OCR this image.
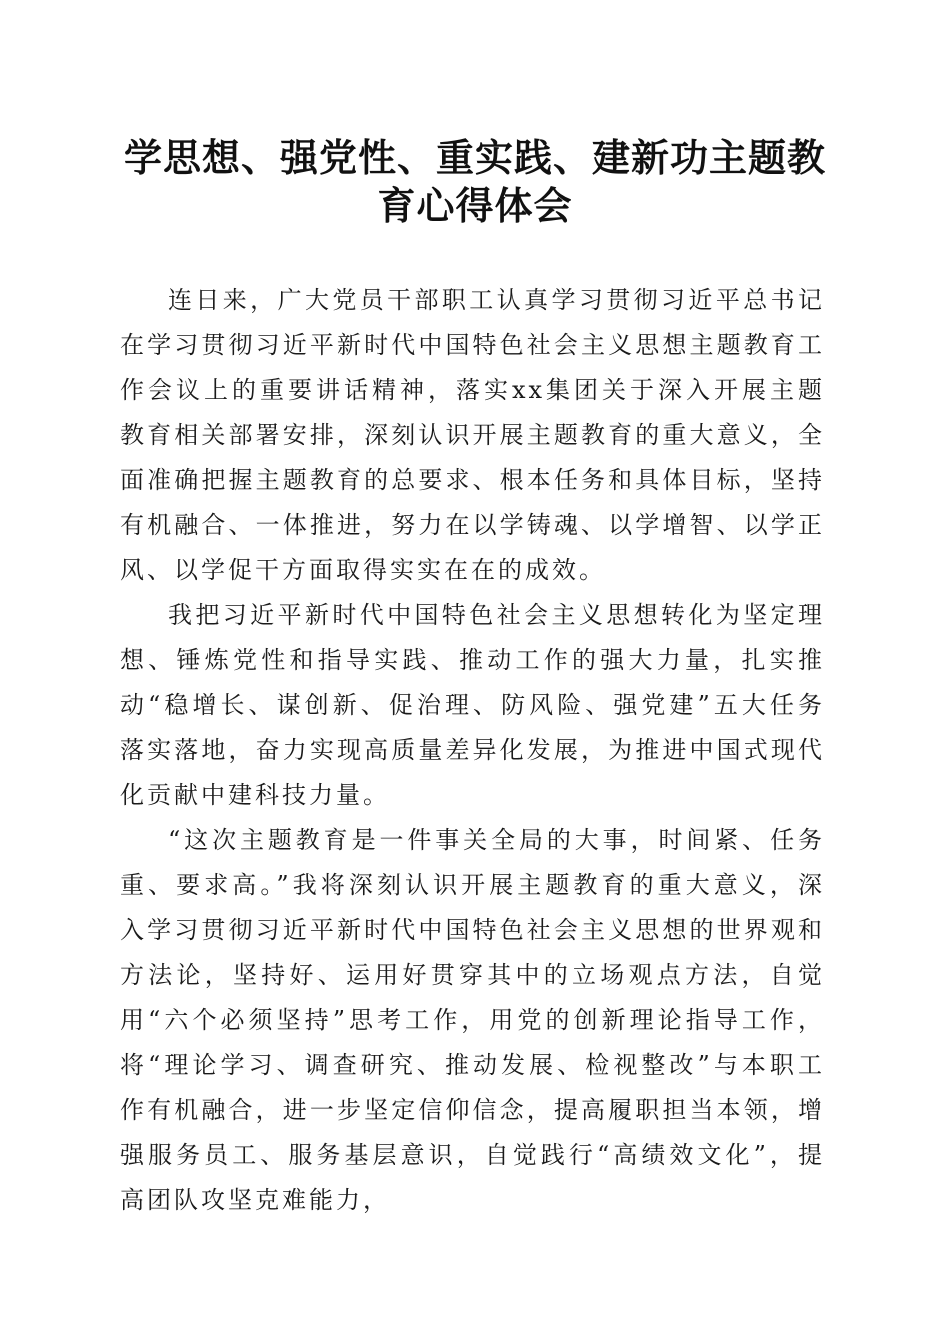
学思想、强党性、重实践、建新功主题教育心得体会

连日来，广大党员干部职工认真学习贯彻习近平总书记在学习贯彻习近平新时代中国特色社会主义思想主题教育工作会议上的重要讲话精神，落实xx集团关于深入开展主题教育相关部署安排，深刻认识开展主题教育的重大意义，全面准确把握主题教育的总要求、根本任务和具体目标，坚持有机融合、一体推进，努力在以学铸魂、以学增智、以学正风、以学促干方面取得实实在在的成效。

我把习近平新时代中国特色社会主义思想转化为坚定理想、锤炼党性和指导实践、推动工作的强大力量，扎实推动“稳增长、谋创新、促治理、防风险、强党建”五大任务落实落地，奋力实现高质量差异化发展，为推进中国式现代化贡献中建科技力量。

“这次主题教育是一件事关全局的大事，时间紧、任务重、要求高。”我将深刻认识开展主题教育的重大意义，深入学习贯彻习近平新时代中国特色社会主义思想的世界观和方法论，坚持好、运用好贯穿其中的立场观点方法，自觉用“六个必须坚持”思考工作，用党的创新理论指导工作，将“理论学习、调查研究、推动发展、检视整改”与本职工作有机融合，进一步坚定信仰信念，提高履职担当本领，增强服务员工、服务基层意识，自觉践行“高绩效文化”，提高团队攻坚克难能力，
